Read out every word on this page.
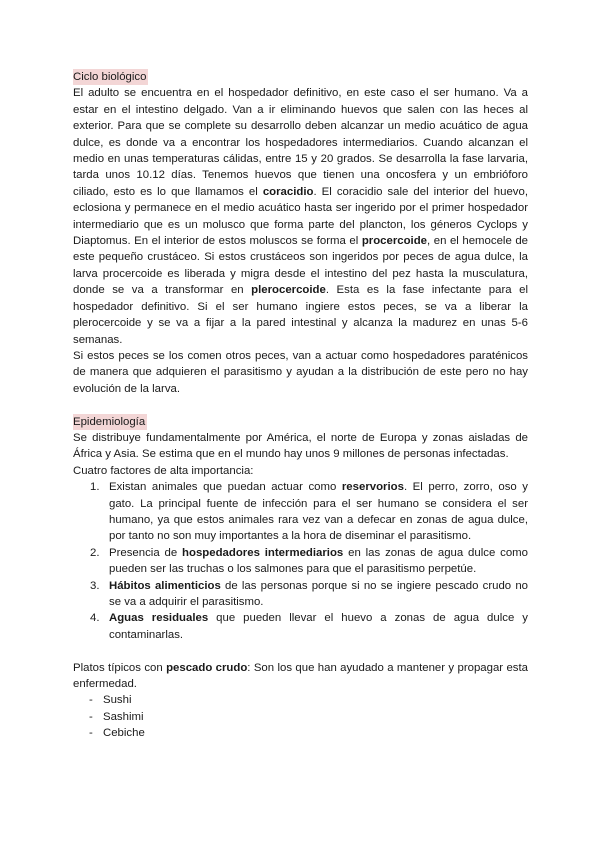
Ciclo biológico

El adulto se encuentra en el hospedador definitivo, en este caso el ser humano. Va a estar en el intestino delgado. Van a ir eliminando huevos que salen con las heces al exterior. Para que se complete su desarrollo deben alcanzar un medio acuático de agua dulce, es donde va a encontrar los hospedadores intermediarios. Cuando alcanzan el medio en unas temperaturas cálidas, entre 15 y 20 grados. Se desarrolla la fase larvaria, tarda unos 10.12 días. Tenemos huevos que tienen una oncosfera y un embrióforo ciliado, esto es lo que llamamos el coracidio. El coracidio sale del interior del huevo, eclosiona y permanece en el medio acuático hasta ser ingerido por el primer hospedador intermediario que es un molusco que forma parte del plancton, los géneros Cyclops y Diaptomus. En el interior de estos moluscos se forma el procercoide, en el hemocele de este pequeño crustáceo. Si estos crustáceos son ingeridos por peces de agua dulce, la larva procercoide es liberada y migra desde el intestino del pez hasta la musculatura, donde se va a transformar en plerocercoide. Esta es la fase infectante para el hospedador definitivo. Si el ser humano ingiere estos peces, se va a liberar la plerocercoide y se va a fijar a la pared intestinal y alcanza la madurez en unas 5-6 semanas.

Si estos peces se los comen otros peces, van a actuar como hospedadores paraténicos de manera que adquieren el parasitismo y ayudan a la distribución de este pero no hay evolución de la larva.

Epidemiología

Se distribuye fundamentalmente por América, el norte de Europa y zonas aisladas de África y Asia. Se estima que en el mundo hay unos 9 millones de personas infectadas.

Cuatro factores de alta importancia:

1. Existan animales que puedan actuar como reservorios. El perro, zorro, oso y gato. La principal fuente de infección para el ser humano se considera el ser humano, ya que estos animales rara vez van a defecar en zonas de agua dulce, por tanto no son muy importantes a la hora de diseminar el parasitismo.
2. Presencia de hospedadores intermediarios en las zonas de agua dulce como pueden ser las truchas o los salmones para que el parasitismo perpetúe.
3. Hábitos alimenticios de las personas porque si no se ingiere pescado crudo no se va a adquirir el parasitismo.
4. Aguas residuales que pueden llevar el huevo a zonas de agua dulce y contaminarlas.

Platos típicos con pescado crudo: Son los que han ayudado a mantener y propagar esta enfermedad.

- Sushi
- Sashimi
- Cebiche
